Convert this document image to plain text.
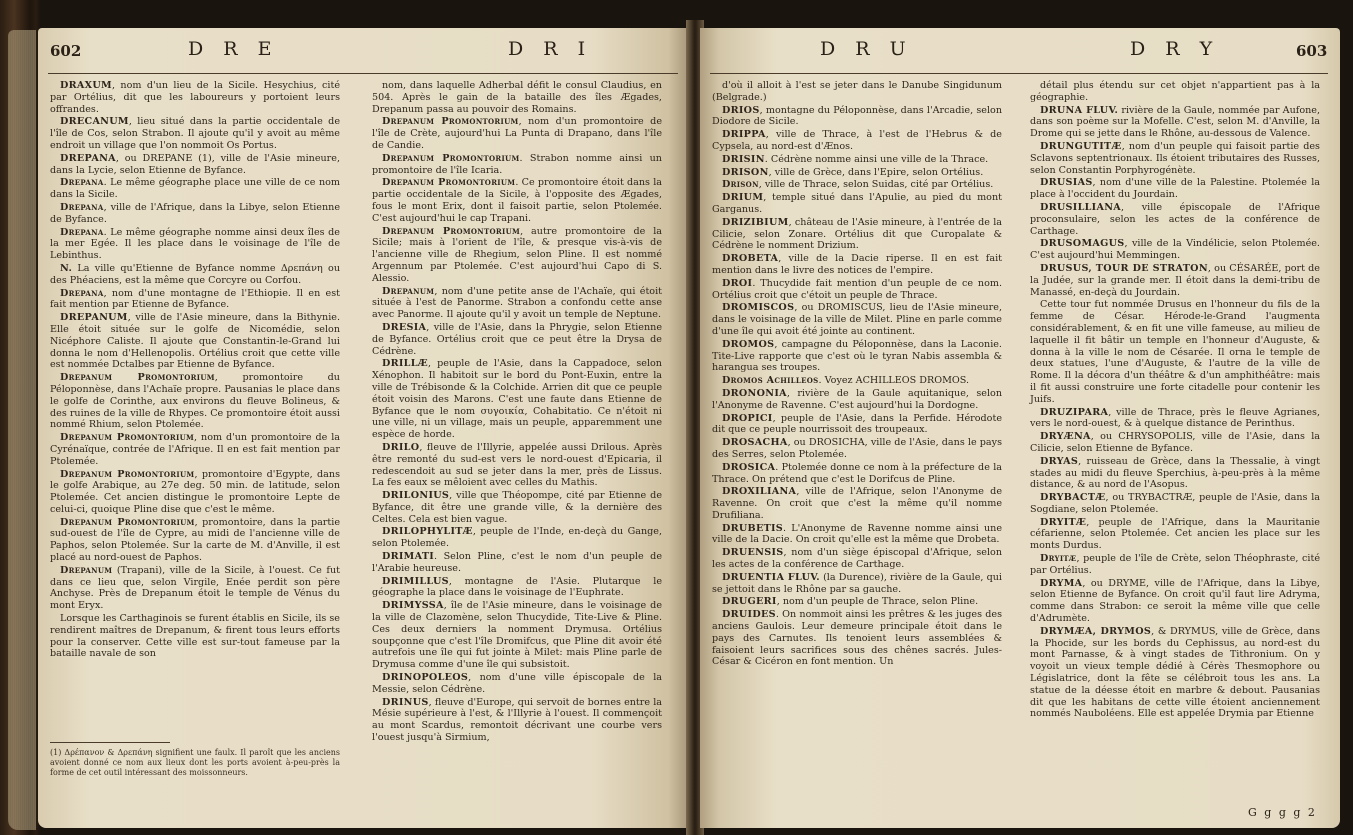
602	D R E	D R I

DRAXUM, nom d'un lieu de la Sicile. Hesychius, cité par Ortélius, dit que les laboureurs y portoient leurs offrandes.

DRECANUM, lieu situé dans la partie occidentale de l'île de Cos, selon Strabon. Il ajoute qu'il y avoit au même endroit un village que l'on nommoit Os Portus.

DREPANA, ou DREPANE (1), ville de l'Asie mineure, dans la Lycie, selon Etienne de Byfance.

Drepana. Le même géographe place une ville de ce nom dans la Sicile.

Drepana, ville de l'Afrique, dans la Libye, selon Etienne de Byfance.

Drepana. Le même géographe nomme ainsi deux îles de la mer Egée. Il les place dans le voisinage de l'île de Lebinthus.

N. La ville qu'Etienne de Byfance nomme Δρεπάνη ou des Phéaciens, est la même que Corcyre ou Corfou.

Drepana, nom d'une montagne de l'Ethiopie. Il en est fait mention par Etienne de Byfance.

DREPANUM, ville de l'Asie mineure, dans la Bithynie. Elle étoit située sur le golfe de Nicomédie, selon Nicéphore Caliste. Il ajoute que Constantin-le-Grand lui donna le nom d'Hellenopolis. Ortélius croit que cette ville est nommée Dctalbes par Etienne de Byfance.

Drepanum Promontorium, promontoire du Péloponnèse, dans l'Achaïe propre. Pausanias le place dans le golfe de Corinthe, aux environs du fleuve Bolineus, & des ruines de la ville de Rhypes. Ce promontoire étoit aussi nommé Rhium, selon Ptolemée.

Drepanum Promontorium, nom d'un promontoire de la Cyrénaïque, contrée de l'Afrique. Il en est fait mention par Ptolemée.

Drepanum Promontorium, promontoire d'Egypte, dans le golfe Arabique, au 27e deg. 50 min. de latitude, selon Ptolemée. Cet ancien distingue le promontoire Lepte de celui-ci, quoique Pline dise que c'est le même.

Drepanum Promontorium, promontoire, dans la partie sud-ouest de l'île de Cypre, au midi de l'ancienne ville de Paphos, selon Ptolemée. Sur la carte de M. d'Anville, il est placé au nord-ouest de Paphos.

Drepanum (Trapani), ville de la Sicile, à l'ouest. Ce fut dans ce lieu que, selon Virgile, Enée perdit son père Anchyse. Près de Drepanum étoit le temple de Vénus du mont Eryx.

Lorsque les Carthaginois se furent établis en Sicile, ils se rendirent maîtres de Drepanum, & firent tous leurs efforts pour la conserver. Cette ville est sur-tout fameuse par la bataille navale de son

(1) Δρέπανον & Δρεπάνη signifient une faulx. Il paroît que les anciens avoient donné ce nom aux lieux dont les ports avoient à-peu-près la forme de cet outil intéressant des moissonneurs.

nom, dans laquelle Adherbal défit le consul Claudius, en 504. Après le gain de la bataille des îles Ægades, Drepanum passa au pouvoir des Romains.

Drepanum Promontorium, nom d'un promontoire de l'île de Crète, aujourd'hui La Punta di Drapano, dans l'île de Candie.

Drepanum Promontorium. Strabon nomme ainsi un promontoire de l'île Icaria.

Drepanum Promontorium. Ce promontoire étoit dans la partie occidentale de la Sicile, à l'opposite des Ægades, fous le mont Erix, dont il faisoit partie, selon Ptolemée. C'est aujourd'hui le cap Trapani.

Drepanum Promontorium, autre promontoire de la Sicile; mais à l'orient de l'île, & presque vis-à-vis de l'ancienne ville de Rhegium, selon Pline. Il est nommé Argennum par Ptolemée. C'est aujourd'hui Capo di S. Alessio.

Drepanum, nom d'une petite anse de l'Achaïe, qui étoit située à l'est de Panorme. Strabon a confondu cette anse avec Panorme. Il ajoute qu'il y avoit un temple de Neptune.

DRESIA, ville de l'Asie, dans la Phrygie, selon Etienne de Byfance. Ortélius croit que ce peut être la Drysa de Cédrène.

DRILLÆ, peuple de l'Asie, dans la Cappadoce, selon Xénophon. Il habitoit sur le bord du Pont-Euxin, entre la ville de Trébisonde & la Colchide. Arrien dit que ce peuple étoit voisin des Marons. C'est une faute dans Etienne de Byfance que le nom συγοικία, Cohabitatio. Ce n'étoit ni une ville, ni un village, mais un peuple, apparemment une espèce de horde.

DRILO, fleuve de l'Illyrie, appelée aussi Drilous. Après être remonté du sud-est vers le nord-ouest d'Epicaria, il redescendoit au sud se jeter dans la mer, près de Lissus. La fes eaux se mêloient avec celles du Mathis.

DRILONIUS, ville que Théopompe, cité par Etienne de Byfance, dit être une grande ville, & la dernière des Celtes. Cela est bien vague.

DRILOPHYLITÆ, peuple de l'Inde, en-deçà du Gange, selon Ptolemée.

DRIMATI. Selon Pline, c'est le nom d'un peuple de l'Arabie heureuse.

DRIMILLUS, montagne de l'Asie. Plutarque le géographe la place dans le voisinage de l'Euphrate.

DRIMYSSA, île de l'Asie mineure, dans le voisinage de la ville de Clazomène, selon Thucydide, Tite-Live & Pline. Ces deux derniers la nomment Drymusa. Ortélius soupçonne que c'est l'île Dromifcus, que Pline dit avoir été autrefois une île qui fut jointe à Milet: mais Pline parle de Drymusa comme d'une île qui subsistoit.

DRINOPOLEOS, nom d'une ville épiscopale de la Messie, selon Cédrène.

DRINUS, fleuve d'Europe, qui servoit de bornes entre la Mésie supérieure à l'est, & l'Illyrie à l'ouest. Il commençoit au mont Scardus, remontoit décrivant une courbe vers l'ouest jusqu'à Sirmium,

D R U	D R Y	603

d'où il alloit à l'est se jeter dans le Danube Singidunum (Belgrade.)

DRIOS, montagne du Péloponnèse, dans l'Arcadie, selon Diodore de Sicile.

DRIPPA, ville de Thrace, à l'est de l'Hebrus & de Cypsela, au nord-est d'Ænos.

DRISIN. Cédrène nomme ainsi une ville de la Thrace.

DRISON, ville de Grèce, dans l'Epire, selon Ortélius.

Drison, ville de Thrace, selon Suidas, cité par Ortélius.

DRIUM, temple situé dans l'Apulie, au pied du mont Garganus.

DRIZIBIUM, château de l'Asie mineure, à l'entrée de la Cilicie, selon Zonare. Ortélius dit que Curopalate & Cédrène le nomment Drizium.

DROBETA, ville de la Dacie riperse. Il en est fait mention dans le livre des notices de l'empire.

DROI. Thucydide fait mention d'un peuple de ce nom. Ortélius croit que c'étoit un peuple de Thrace.

DROMISCOS, ou DROMISCUS, lieu de l'Asie mineure, dans le voisinage de la ville de Milet. Pline en parle comme d'une île qui avoit été jointe au continent.

DROMOS, campagne du Péloponnèse, dans la Laconie. Tite-Live rapporte que c'est où le tyran Nabis assembla & harangua ses troupes.

Dromos Achilleos. Voyez ACHILLEOS DROMOS.

DRONONIA, rivière de la Gaule aquitanique, selon l'Anonyme de Ravenne. C'est aujourd'hui la Dordogne.

DROPICI, peuple de l'Asie, dans la Perfide. Hérodote dit que ce peuple nourrissoit des troupeaux.

DROSACHA, ou DROSICHA, ville de l'Asie, dans le pays des Serres, selon Ptolemée.

DROSICA. Ptolemée donne ce nom à la préfecture de la Thrace. On prétend que c'est le Dorifcus de Pline.

DROXILIANA, ville de l'Afrique, selon l'Anonyme de Ravenne. On croit que c'est la même qu'il nomme Drufiliana.

DRUBETIS. L'Anonyme de Ravenne nomme ainsi une ville de la Dacie. On croit qu'elle est la même que Drobeta.

DRUENSIS, nom d'un siège épiscopal d'Afrique, selon les actes de la conférence de Carthage.

DRUENTIA FLUV. (la Durence), rivière de la Gaule, qui se jettoit dans le Rhône par sa gauche.

DRUGERI, nom d'un peuple de Thrace, selon Pline.

DRUIDES. On nommoit ainsi les prêtres & les juges des anciens Gaulois. Leur demeure principale étoit dans le pays des Carnutes. Ils tenoient leurs assemblées & faisoient leurs sacrifices sous des chênes sacrés. Jules-César & Cicéron en font mention. Un

détail plus étendu sur cet objet n'appartient pas à la géographie.

DRUNA FLUV. rivière de la Gaule, nommée par Aufone, dans son poème sur la Mofelle. C'est, selon M. d'Anville, la Drome qui se jette dans le Rhône, au-dessous de Valence.

DRUNGUTITÆ, nom d'un peuple qui faisoit partie des Sclavons septentrionaux. Ils étoient tributaires des Russes, selon Constantin Porphyrogénète.

DRUSIAS, nom d'une ville de la Palestine. Ptolemée la place à l'occident du Jourdain.

DRUSILLIANA, ville épiscopale de l'Afrique proconsulaire, selon les actes de la conférence de Carthage.

DRUSOMAGUS, ville de la Vindélicie, selon Ptolemée. C'est aujourd'hui Memmingen.

DRUSUS, TOUR DE STRATON, ou CÉSARÉE, port de la Judée, sur la grande mer. Il étoit dans la demi-tribu de Manassé, en-deçà du Jourdain.

Cette tour fut nommée Drusus en l'honneur du fils de la femme de César. Hérode-le-Grand l'augmenta considérablement, & en fit une ville fameuse, au milieu de laquelle il fit bâtir un temple en l'honneur d'Auguste, & donna à la ville le nom de Césarée. Il orna le temple de deux statues, l'une d'Auguste, & l'autre de la ville de Rome. Il la décora d'un théâtre & d'un amphithéâtre: mais il fit aussi construire une forte citadelle pour contenir les Juifs.

DRUZIPARA, ville de Thrace, près le fleuve Agrianes, vers le nord-ouest, & à quelque distance de Perinthus.

DRYÆNA, ou CHRYSOPOLIS, ville de l'Asie, dans la Cilicie, selon Etienne de Byfance.

DRYAS, ruisseau de Grèce, dans la Thessalie, à vingt stades au midi du fleuve Sperchius, à-peu-près à la même distance, & au nord de l'Asopus.

DRYBACTÆ, ou TRYBACTRÆ, peuple de l'Asie, dans la Sogdiane, selon Ptolemée.

DRYITÆ, peuple de l'Afrique, dans la Mauritanie céfarienne, selon Ptolemée. Cet ancien les place sur les monts Durdus.

Dryitæ, peuple de l'île de Crète, selon Théophraste, cité par Ortélius.

DRYMA, ou DRYME, ville de l'Afrique, dans la Libye, selon Etienne de Byfance. On croit qu'il faut lire Adryma, comme dans Strabon: ce seroit la même ville que celle d'Adrumète.

DRYMÆA, DRYMOS, & DRYMUS, ville de Grèce, dans la Phocide, sur les bords du Cephissus, au nord-est du mont Parnasse, & à vingt stades de Tithronium. On y voyoit un vieux temple dédié à Cérès Thesmophore ou Législatrice, dont la fête se célébroit tous les ans. La statue de la déesse étoit en marbre & debout. Pausanias dit que les habitans de cette ville étoient anciennement nommés Nauboléens. Elle est appelée Drymia par Etienne

G g g g 2
